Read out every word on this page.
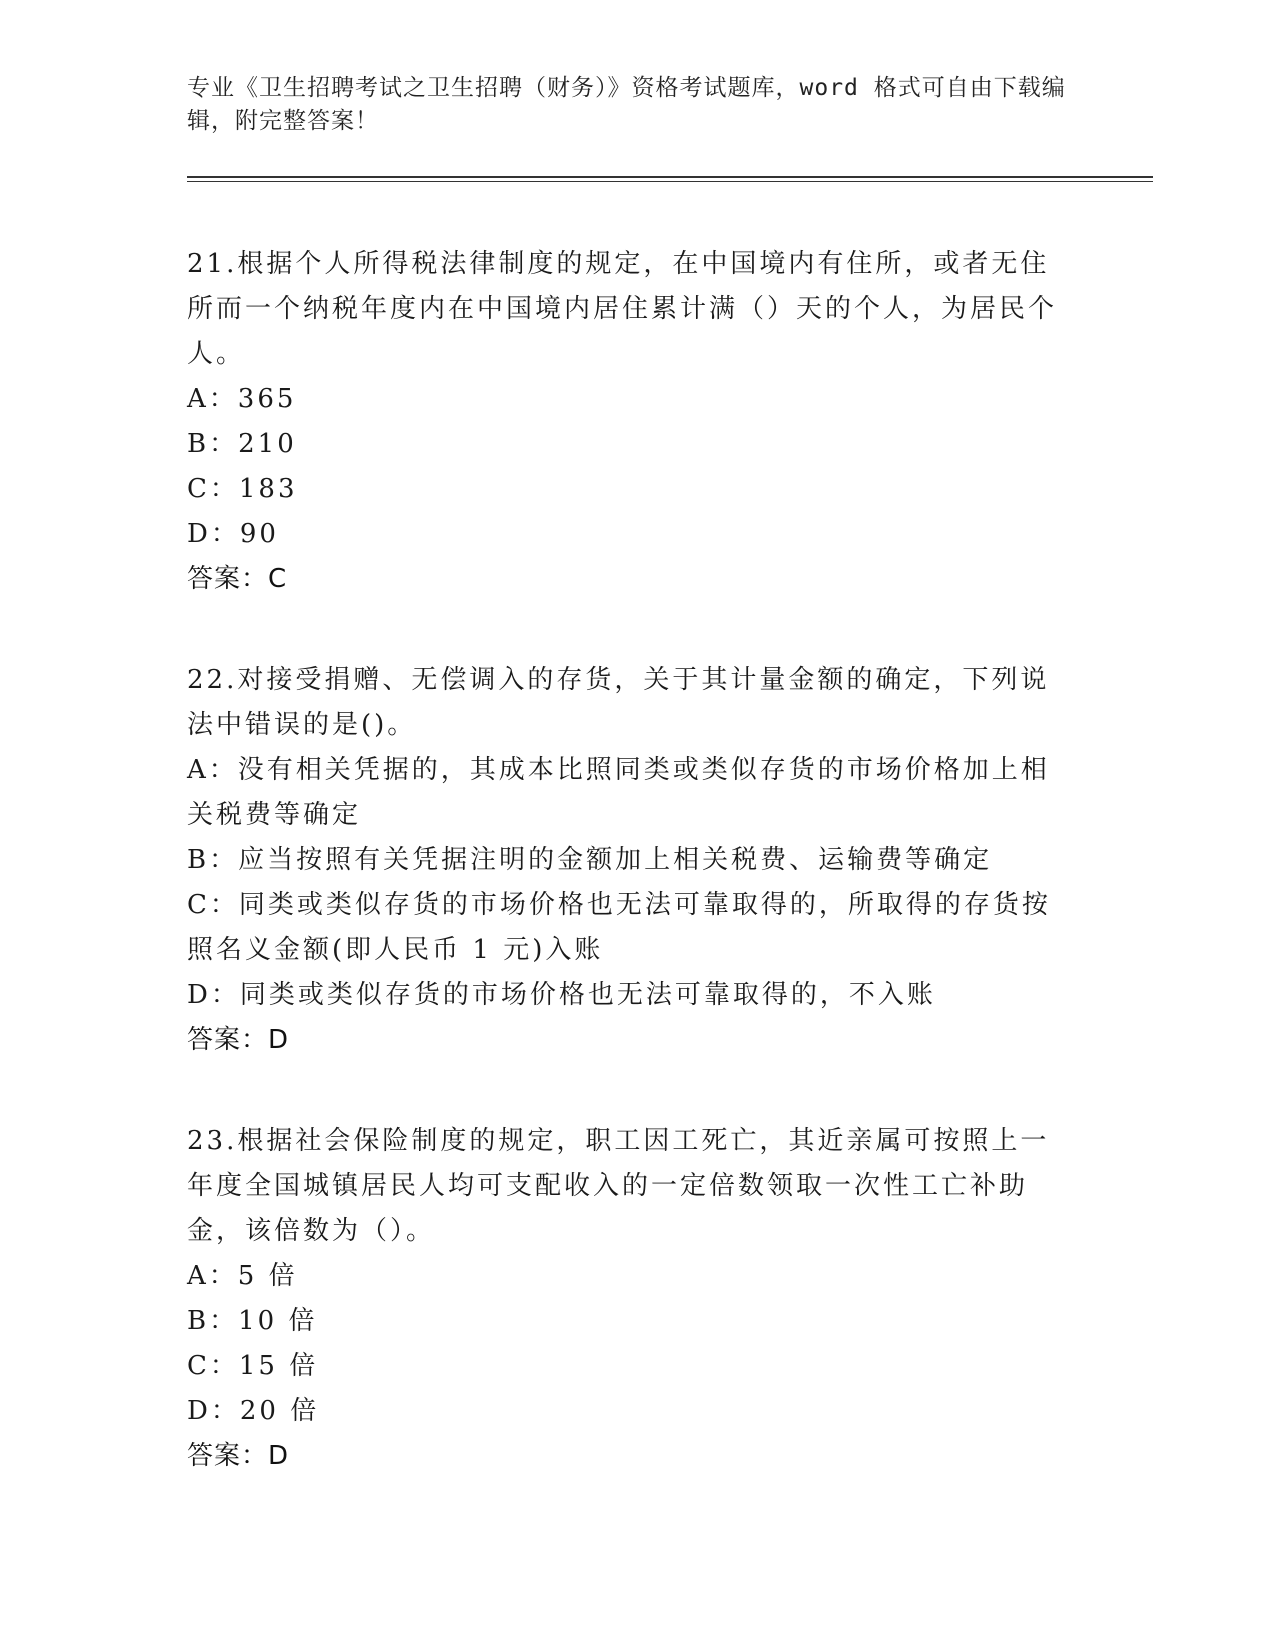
专业《卫生招聘考试之卫生招聘（财务）》资格考试题库，word 格式可自由下载编辑，附完整答案！
21.根据个人所得税法律制度的规定，在中国境内有住所，或者无住所而一个纳税年度内在中国境内居住累计满（）天的个人，为居民个人。
A：365
B：210
C：183
D：90
答案：C
22.对接受捐赠、无偿调入的存货，关于其计量金额的确定，下列说法中错误的是()。
A：没有相关凭据的，其成本比照同类或类似存货的市场价格加上相关税费等确定
B：应当按照有关凭据注明的金额加上相关税费、运输费等确定
C：同类或类似存货的市场价格也无法可靠取得的，所取得的存货按照名义金额(即人民币 1 元)入账
D：同类或类似存货的市场价格也无法可靠取得的，不入账
答案：D
23.根据社会保险制度的规定，职工因工死亡，其近亲属可按照上一年度全国城镇居民人均可支配收入的一定倍数领取一次性工亡补助金，该倍数为（）。
A：5 倍
B：10 倍
C：15 倍
D：20 倍
答案：D
